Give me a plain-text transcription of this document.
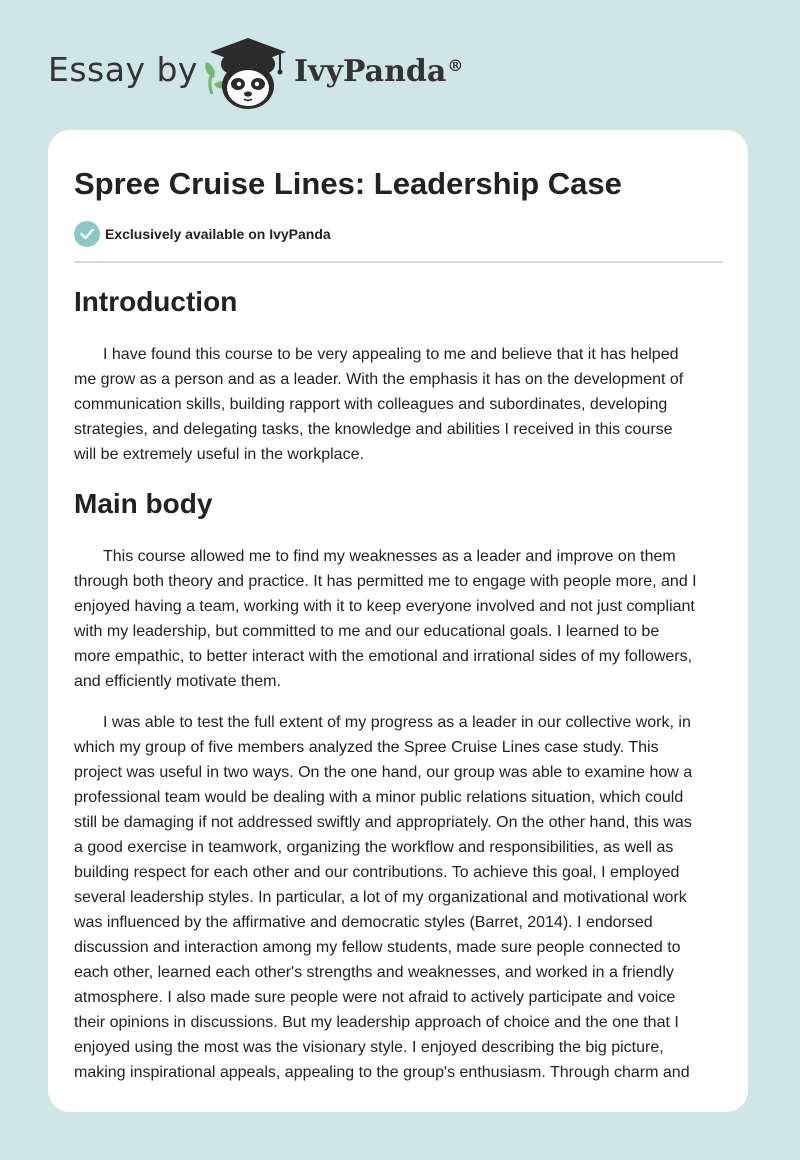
Essay by	IvyPanda®
Spree Cruise Lines: Leadership Case
Exclusively available on IvyPanda
Introduction
I have found this course to be very appealing to me and believe that it has helped
me grow as a person and as a leader. With the emphasis it has on the development of
communication skills, building rapport with colleagues and subordinates, developing
strategies, and delegating tasks, the knowledge and abilities I received in this course
will be extremely useful in the workplace.
Main body
This course allowed me to find my weaknesses as a leader and improve on them
through both theory and practice. It has permitted me to engage with people more, and I
enjoyed having a team, working with it to keep everyone involved and not just compliant
with my leadership, but committed to me and our educational goals. I learned to be
more empathic, to better interact with the emotional and irrational sides of my followers,
and efficiently motivate them.
I was able to test the full extent of my progress as a leader in our collective work, in
which my group of five members analyzed the Spree Cruise Lines case study. This
project was useful in two ways. On the one hand, our group was able to examine how a
professional team would be dealing with a minor public relations situation, which could
still be damaging if not addressed swiftly and appropriately. On the other hand, this was
a good exercise in teamwork, organizing the workflow and responsibilities, as well as
building respect for each other and our contributions. To achieve this goal, I employed
several leadership styles. In particular, a lot of my organizational and motivational work
was influenced by the affirmative and democratic styles (Barret, 2014). I endorsed
discussion and interaction among my fellow students, made sure people connected to
each other, learned each other's strengths and weaknesses, and worked in a friendly
atmosphere. I also made sure people were not afraid to actively participate and voice
their opinions in discussions. But my leadership approach of choice and the one that I
enjoyed using the most was the visionary style. I enjoyed describing the big picture,
making inspirational appeals, appealing to the group's enthusiasm. Through charm and
